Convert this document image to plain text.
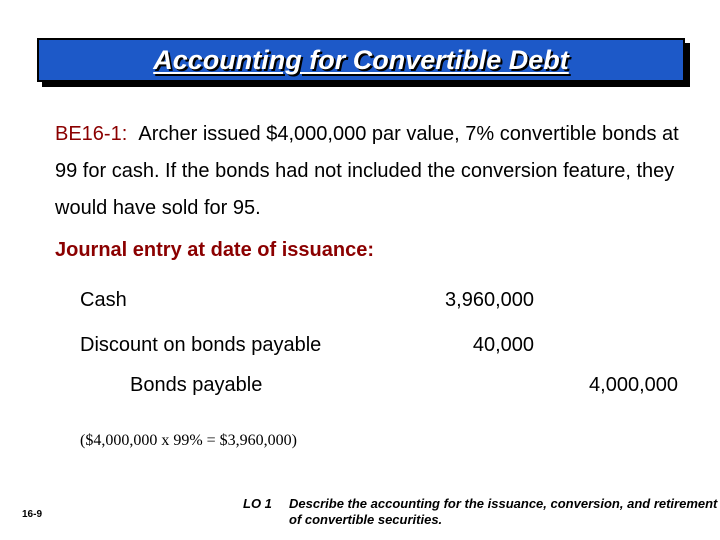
Accounting for Convertible Debt
BE16-1: Archer issued $4,000,000 par value, 7% convertible bonds at 99 for cash. If the bonds had not included the conversion feature, they would have sold for 95.
Journal entry at date of issuance:
Cash	3,960,000
Discount on bonds payable	40,000
Bonds payable	4,000,000
($4,000,000 x 99% = $3,960,000)
16-9
LO 1 Describe the accounting for the issuance, conversion, and retirement of convertible securities.
